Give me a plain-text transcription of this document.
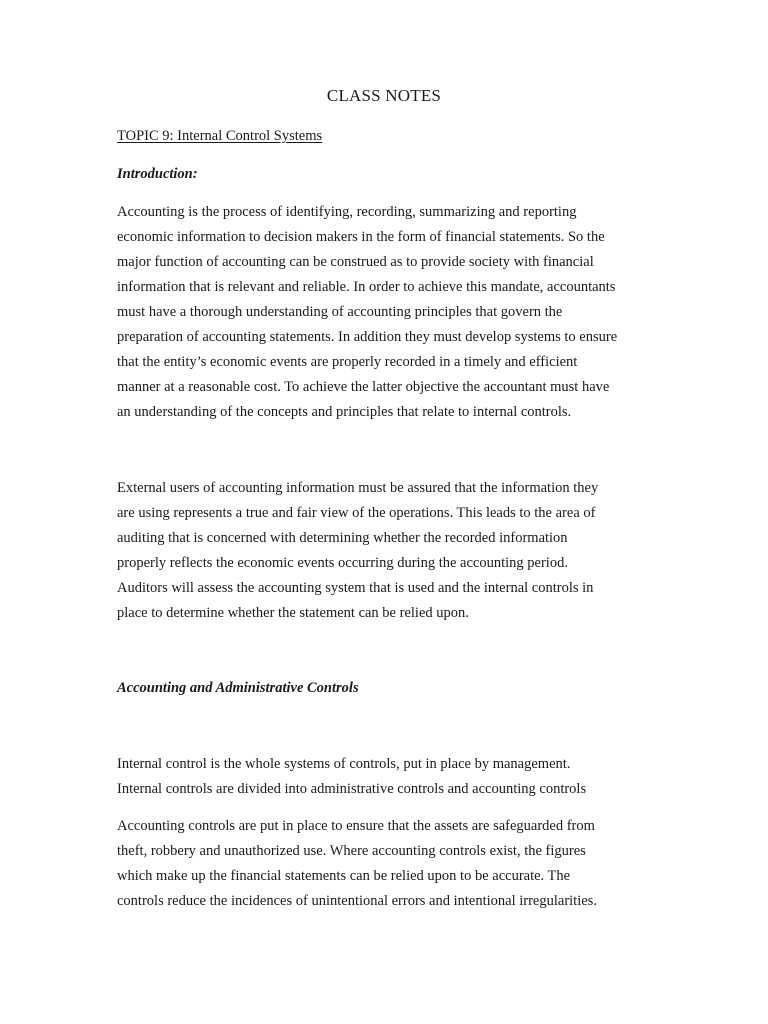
CLASS NOTES
TOPIC 9: Internal Control Systems
Introduction:

Accounting is the process of identifying, recording, summarizing and reporting
economic information to decision makers in the form of financial statements. So the
major function of accounting can be construed as to provide society with financial
information that is relevant and reliable. In order to achieve this mandate, accountants
must have a thorough understanding of accounting principles that govern the
preparation of accounting statements. In addition they must develop systems to ensure
that the entity’s economic events are properly recorded in a timely and efficient
manner at a reasonable cost. To achieve the latter objective the accountant must have
an understanding of the concepts and principles that relate to internal controls.

External users of accounting information must be assured that the information they
are using represents a true and fair view of the operations. This leads to the area of
auditing that is concerned with determining whether the recorded information
properly reflects the economic events occurring during the accounting period.
Auditors will assess the accounting system that is used and the internal controls in
place to determine whether the statement can be relied upon.

Accounting and Administrative Controls

Internal control is the whole systems of controls, put in place by management.
Internal controls are divided into administrative controls and accounting controls

Accounting controls are put in place to ensure that the assets are safeguarded from
theft, robbery and unauthorized use. Where accounting controls exist, the figures
which make up the financial statements can be relied upon to be accurate. The
controls reduce the incidences of unintentional errors and intentional irregularities.
